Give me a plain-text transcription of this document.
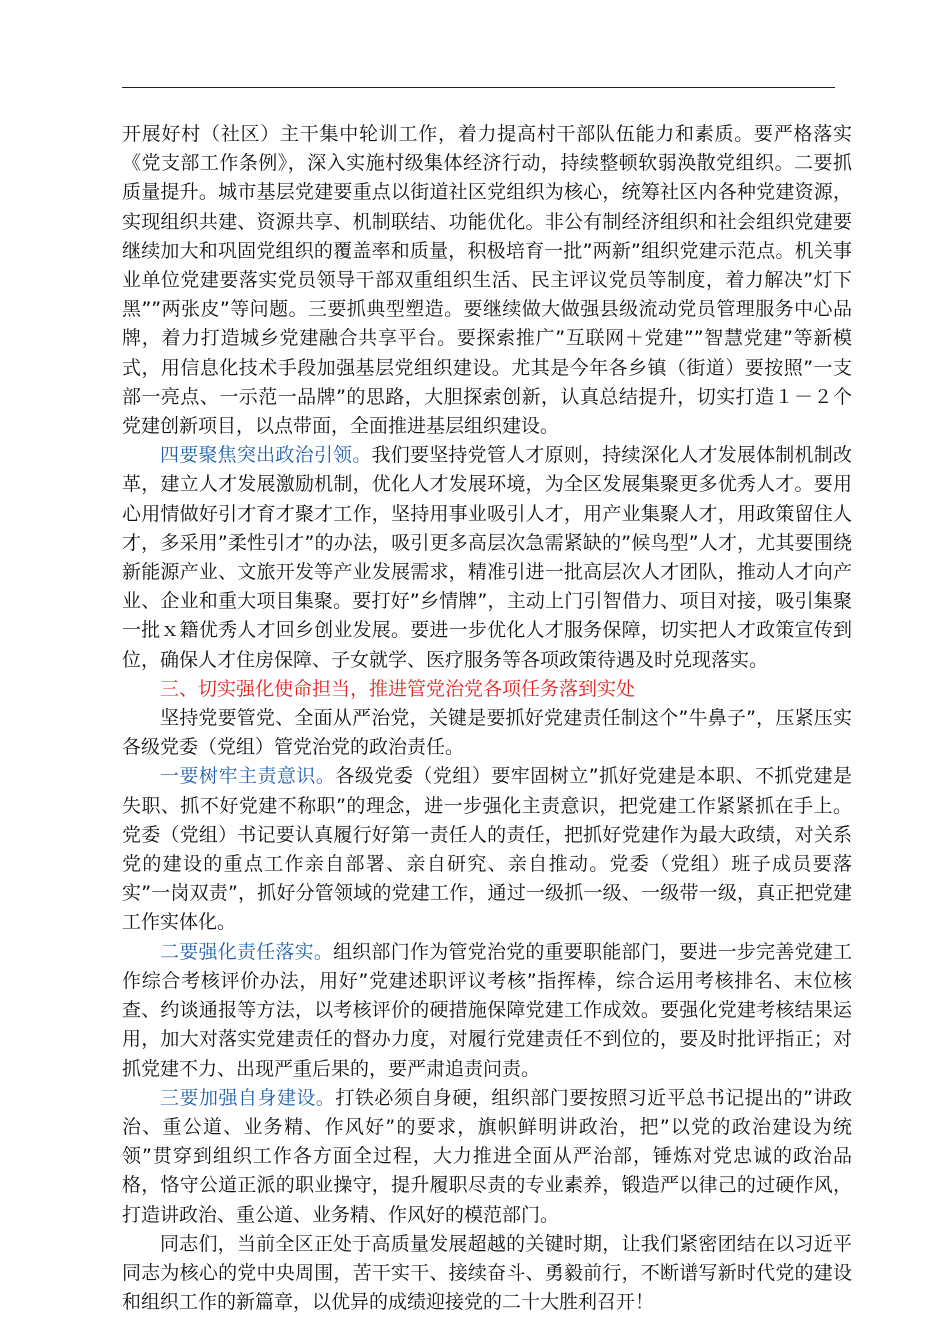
开展好村（社区）主干集中轮训工作，着力提高村干部队伍能力和素质。要严格落实《党支部工作条例》，深入实施村级集体经济行动，持续整顿软弱涣散党组织。二要抓质量提升。城市基层党建要重点以街道社区党组织为核心，统筹社区内各种党建资源，实现组织共建、资源共享、机制联结、功能优化。非公有制经济组织和社会组织党建要继续加大和巩固党组织的覆盖率和质量，积极培育一批”两新”组织党建示范点。机关事业单位党建要落实党员领导干部双重组织生活、民主评议党员等制度，着力解决”灯下黑””两张皮”等问题。三要抓典型塑造。要继续做大做强县级流动党员管理服务中心品牌，着力打造城乡党建融合共享平台。要探索推广”互联网＋党建””智慧党建”等新模式，用信息化技术手段加强基层党组织建设。尤其是今年各乡镇（街道）要按照”一支部一亮点、一示范一品牌”的思路，大胆探索创新，认真总结提升，切实打造１－２个党建创新项目，以点带面，全面推进基层组织建设。

四要聚焦突出政治引领。我们要坚持党管人才原则，持续深化人才发展体制机制改革，建立人才发展激励机制，优化人才发展环境，为全区发展集聚更多优秀人才。要用心用情做好引才育才聚才工作，坚持用事业吸引人才，用产业集聚人才，用政策留住人才，多采用”柔性引才”的办法，吸引更多高层次急需紧缺的”候鸟型”人才，尤其要围绕新能源产业、文旅开发等产业发展需求，精准引进一批高层次人才团队，推动人才向产业、企业和重大项目集聚。要打好”乡情牌”，主动上门引智借力、项目对接，吸引集聚一批ｘ籍优秀人才回乡创业发展。要进一步优化人才服务保障，切实把人才政策宣传到位，确保人才住房保障、子女就学、医疗服务等各项政策待遇及时兑现落实。

三、切实强化使命担当，推进管党治党各项任务落到实处

坚持党要管党、全面从严治党，关键是要抓好党建责任制这个”牛鼻子”，压紧压实各级党委（党组）管党治党的政治责任。

一要树牢主责意识。各级党委（党组）要牢固树立”抓好党建是本职、不抓党建是失职、抓不好党建不称职”的理念，进一步强化主责意识，把党建工作紧紧抓在手上。党委（党组）书记要认真履行好第一责任人的责任，把抓好党建作为最大政绩，对关系党的建设的重点工作亲自部署、亲自研究、亲自推动。党委（党组）班子成员要落实”一岗双责”，抓好分管领域的党建工作，通过一级抓一级、一级带一级，真正把党建工作实体化。

二要强化责任落实。组织部门作为管党治党的重要职能部门，要进一步完善党建工作综合考核评价办法，用好”党建述职评议考核”指挥棒，综合运用考核排名、末位核查、约谈通报等方法，以考核评价的硬措施保障党建工作成效。要强化党建考核结果运用，加大对落实党建责任的督办力度，对履行党建责任不到位的，要及时批评指正；对抓党建不力、出现严重后果的，要严肃追责问责。

三要加强自身建设。打铁必须自身硬，组织部门要按照习近平总书记提出的”讲政治、重公道、业务精、作风好”的要求，旗帜鲜明讲政治，把”以党的政治建设为统领”贯穿到组织工作各方面全过程，大力推进全面从严治部，锤炼对党忠诚的政治品格，恪守公道正派的职业操守，提升履职尽责的专业素养，锻造严以律己的过硬作风，打造讲政治、重公道、业务精、作风好的模范部门。

同志们，当前全区正处于高质量发展超越的关键时期，让我们紧密团结在以习近平同志为核心的党中央周围，苦干实干、接续奋斗、勇毅前行，不断谱写新时代党的建设和组织工作的新篇章，以优异的成绩迎接党的二十大胜利召开！
